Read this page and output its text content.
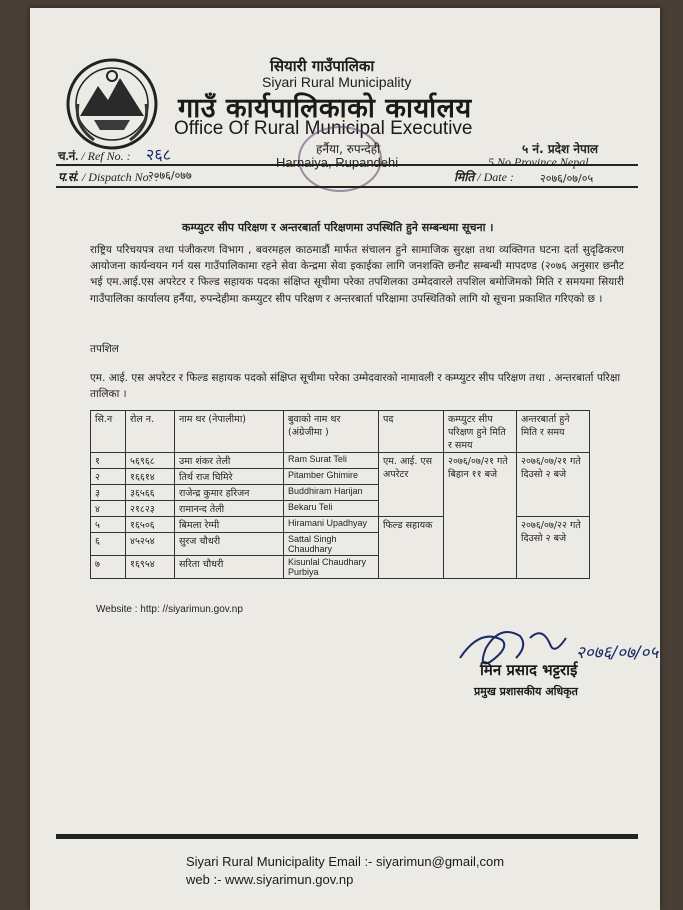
सियारी गाउँपालिका
Siyari Rural Municipality
गाउँ कार्यपालिकाको कार्यालय
Office Of Rural Municipal Executive
हर्नैया, रुपन्देही
Harnaiya, Rupandehi
५ नं. प्रदेश नेपाल
5 No.Province Nepal
च.नं. / Ref No. : २६८
प.सं. / Dispatch No. :
२०७६/०७७	मिति / Date : २०७६/०७/०५
कम्प्युटर सीप परिक्षण र अन्तरबार्ता परिक्षणमा उपस्थिति हुने सम्बन्धमा सूचना ।
राष्ट्रिय परिचयपत्र तथा पंजीकरण विभाग , बवरमहल काठमाडौं मार्फत संचालन हुने सामाजिक सुरक्षा तथा व्यक्तिगत घटना दर्ता सुदृढिकरण आयोजना कार्यन्वयन गर्न यस गाउँपालिकामा रहने सेवा केन्द्रमा सेवा इकाईका लागि जनशक्ति छनौट सम्बन्धी मापदण्ड (२०७६ अनुसार छनौट भई एम.आई.एस अपरेटर र फिल्ड सहायक पदका संक्षिप्त सूचीमा परेका तपशिलका उम्मेदवारले तपशिल बमोजिमको मिति र समयमा सियारी गाउँपालिका कार्यालय हर्नैया, रुपन्देहीमा कम्प्युटर सीप परिक्षण र अन्तरबार्ता परिक्षामा उपस्थितिको लागि यो सूचना प्रकाशित गरिएको छ ।
तपशिल
एम. आई. एस अपरेटर र फिल्ड सहायक पदको संक्षिप्त सूचीमा परेका उम्मेदवारको नामावली र कम्प्युटर सीप परिक्षण तथा . अन्तरबार्ता परिक्षा तालिका ।
सि.न	रोल न.	नाम थर (नेपालीमा)	बुवाको नाम थर (अंग्रेजीमा )	पद	कम्प्युटर सीप परिक्षण हुने मिति र समय	अन्तरबार्ता हुने मिति र समय
१	५६९६८	उमा शंकर तेली	Ram Surat Teli	एम. आई. एस अपरेटर	२०७६/०७/२१ गते बिहान ११ बजे	२०७६/०७/२१ गते दिउसो २ बजे
२	१६६१४	तिर्थ राज घिमिरे	Pitamber Ghimire			
३	३६५६६	राजेन्द्र कुमार हरिजन	Buddhiram Harijan			
४	२१८२३	रामानन्द तेली	Bekaru Teli			
५	१६५०६	बिमला रेग्मी	Hiramani Upadhyay	फिल्ड सहायक		२०७६/०७/२२ गते दिउसो २ बजे
६	४५२५४	सुरज चौधरी	Sattal Singh Chaudhary			
७	१६९५४	सरिता चौधरी	Kisunlal Chaudhary Purbiya			
Website : http: //siyarimun.gov.np
२०७६/०७/०५
मिन प्रसाद भट्टराई
प्रमुख प्रशासकीय अधिकृत
Siyari Rural Municipality Email :- siyarimun@gmail,com
web :- www.siyarimun.gov.np
